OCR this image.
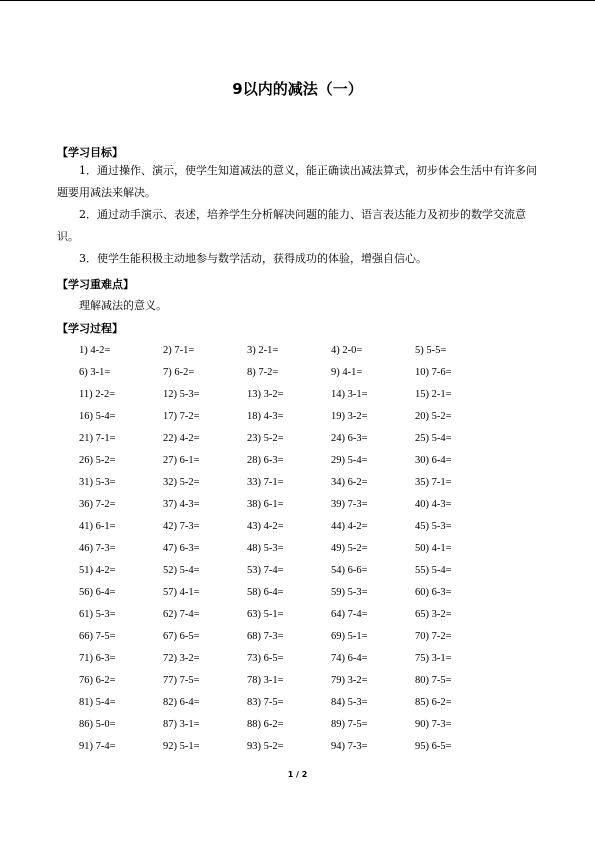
9以内的减法（一）
【学习目标】
1．通过操作、演示，使学生知道减法的意义，能正确读出减法算式，初步体会生活中有许多问题要用减法来解决。
2．通过动手演示、表述，培养学生分析解决问题的能力、语言表达能力及初步的数学交流意识。
3．使学生能积极主动地参与数学活动，获得成功的体验，增强自信心。
【学习重难点】
理解减法的意义。
【学习过程】
1) 4-2=	2) 7-1=	3) 2-1=	4) 2-0=	5) 5-5=
6) 3-1=	7) 6-2=	8) 7-2=	9) 4-1=	10) 7-6=
11) 2-2=	12) 5-3=	13) 3-2=	14) 3-1=	15) 2-1=
16) 5-4=	17) 7-2=	18) 4-3=	19) 3-2=	20) 5-2=
21) 7-1=	22) 4-2=	23) 5-2=	24) 6-3=	25) 5-4=
26) 5-2=	27) 6-1=	28) 6-3=	29) 5-4=	30) 6-4=
31) 5-3=	32) 5-2=	33) 7-1=	34) 6-2=	35) 7-1=
36) 7-2=	37) 4-3=	38) 6-1=	39) 7-3=	40) 4-3=
41) 6-1=	42) 7-3=	43) 4-2=	44) 4-2=	45) 5-3=
46) 7-3=	47) 6-3=	48) 5-3=	49) 5-2=	50) 4-1=
51) 4-2=	52) 5-4=	53) 7-4=	54) 6-6=	55) 5-4=
56) 6-4=	57) 4-1=	58) 6-4=	59) 5-3=	60) 6-3=
61) 5-3=	62) 7-4=	63) 5-1=	64) 7-4=	65) 3-2=
66) 7-5=	67) 6-5=	68) 7-3=	69) 5-1=	70) 7-2=
71) 6-3=	72) 3-2=	73) 6-5=	74) 6-4=	75) 3-1=
76) 6-2=	77) 7-5=	78) 3-1=	79) 3-2=	80) 7-5=
81) 5-4=	82) 6-4=	83) 7-5=	84) 5-3=	85) 6-2=
86) 5-0=	87) 3-1=	88) 6-2=	89) 7-5=	90) 7-3=
91) 7-4=	92) 5-1=	93) 5-2=	94) 7-3=	95) 6-5=
1 / 2
